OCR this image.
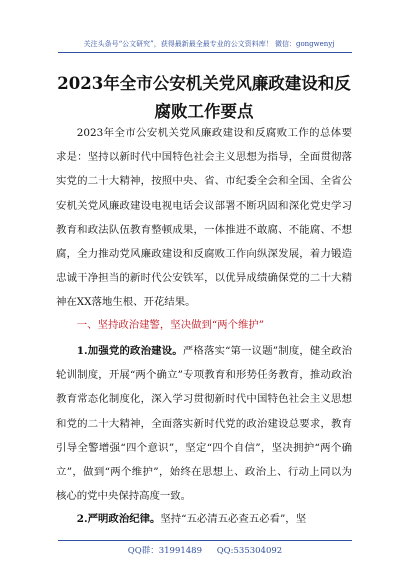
关注头条号“公文研究”，获得最新最全最专业的公文资料库！ 微信：gongwenyj
2023年全市公安机关党风廉政建设和反腐败工作要点

2023年全市公安机关党风廉政建设和反腐败工作的总体要求是：坚持以新时代中国特色社会主义思想为指导，全面贯彻落实党的二十大精神，按照中央、省、市纪委全会和全国、全省公安机关党风廉政建设电视电话会议部署不断巩固和深化党史学习教育和政法队伍教育整顿成果，一体推进不敢腐、不能腐、不想腐，全力推动党风廉政建设和反腐败工作向纵深发展，着力锻造忠诚干净担当的新时代公安铁军，以优异成绩确保党的二十大精神在XX落地生根、开花结果。

一、坚持政治建警，坚决做到“两个维护”

1.加强党的政治建设。严格落实“第一议题”制度，健全政治轮训制度，开展“两个确立”专项教育和形势任务教育，推动政治教育常态化制度化，深入学习贯彻新时代中国特色社会主义思想和党的二十大精神，全面落实新时代党的政治建设总要求，教育引导全警增强“四个意识”，坚定“四个自信”，坚决拥护“两个确立”，做到“两个维护”，始终在思想上、政治上、行动上同以为核心的党中央保持高度一致。

2.严明政治纪律。坚持“五必清五必查五必看”，坚

QQ群：31991489 QQ:535304092
